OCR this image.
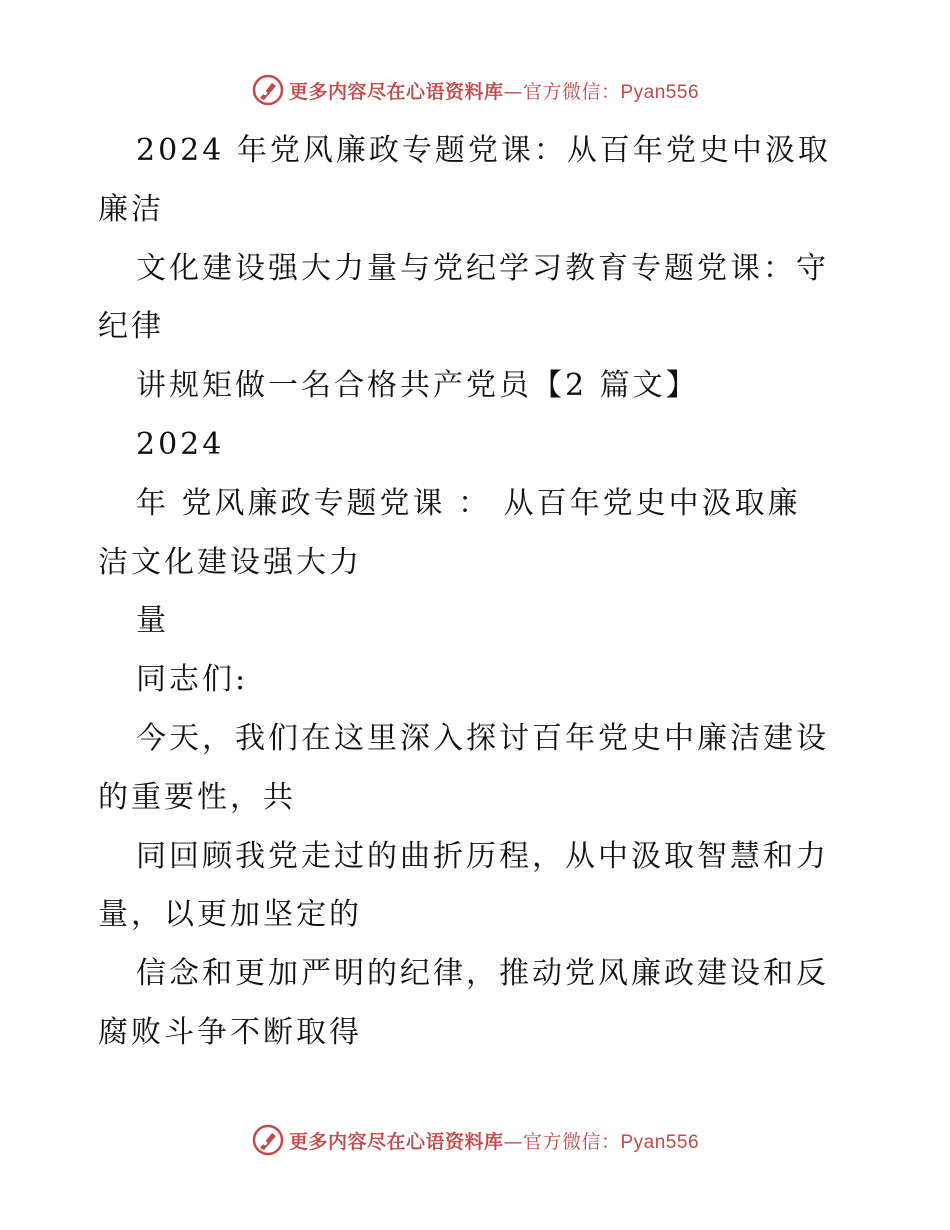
更多内容尽在心语资料库—官方微信：Pyan556
2024 年党风廉政专题党课：从百年党史中汲取
廉洁
文化建设强大力量与党纪学习教育专题党课：守
纪律
讲规矩做一名合格共产党员【2 篇文】
2024
年 党风廉政专题党课 ： 从百年党史中汲取廉
洁文化建设强大力
量
同志们:
今天，我们在这里深入探讨百年党史中廉洁建设
的重要性，共
同回顾我党走过的曲折历程，从中汲取智慧和力
量，以更加坚定的
信念和更加严明的纪律，推动党风廉政建设和反
腐败斗争不断取得
更多内容尽在心语资料库—官方微信：Pyan556
